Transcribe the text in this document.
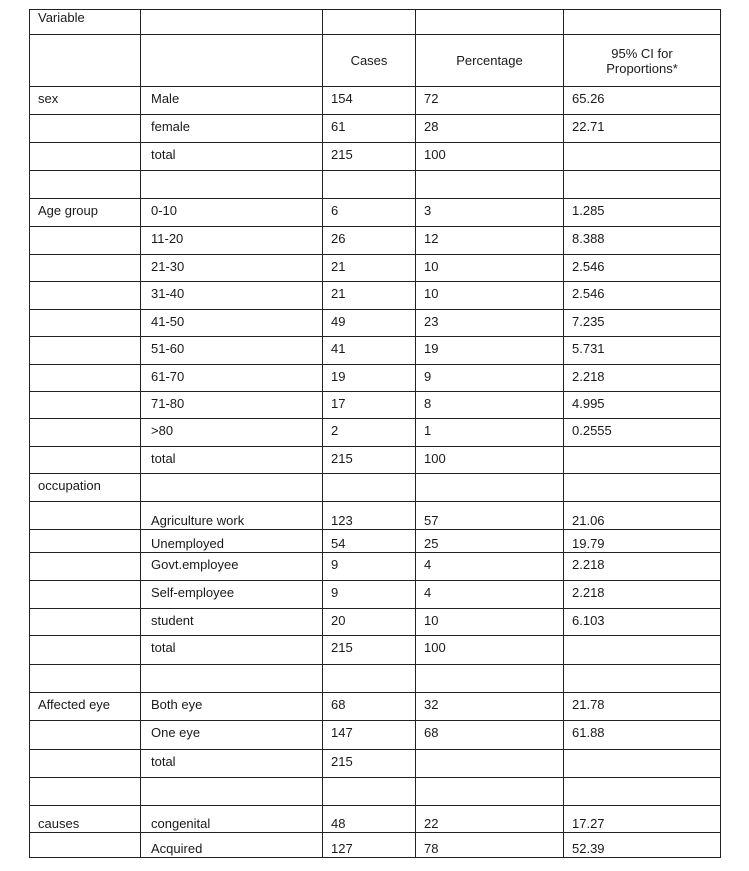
Variable				
		Cases	Percentage	95% CI for
Proportions*

sex	Male	154	72	65.26
	female	61	28	22.71
	total	215	100	

Age group	0-10	6	3	1.285
	11-20	26	12	8.388
	21-30	21	10	2.546
	31-40	21	10	2.546
	41-50	49	23	7.235
	51-60	41	19	5.731
	61-70	19	9	2.218
	71-80	17	8	4.995
	>80	2	1	0.2555
	total	215	100	
occupation				
	Agriculture work	123	57	21.06
	Unemployed	54	25	19.79
	Govt.employee	9	4	2.218
	Self-employee	9	4	2.218
	student	20	10	6.103
	total	215	100	

Affected eye	Both eye	68	32	21.78
	One eye	147	68	61.88
	total	215		

causes	congenital	48	22	17.27
	Acquired	127	78	52.39
